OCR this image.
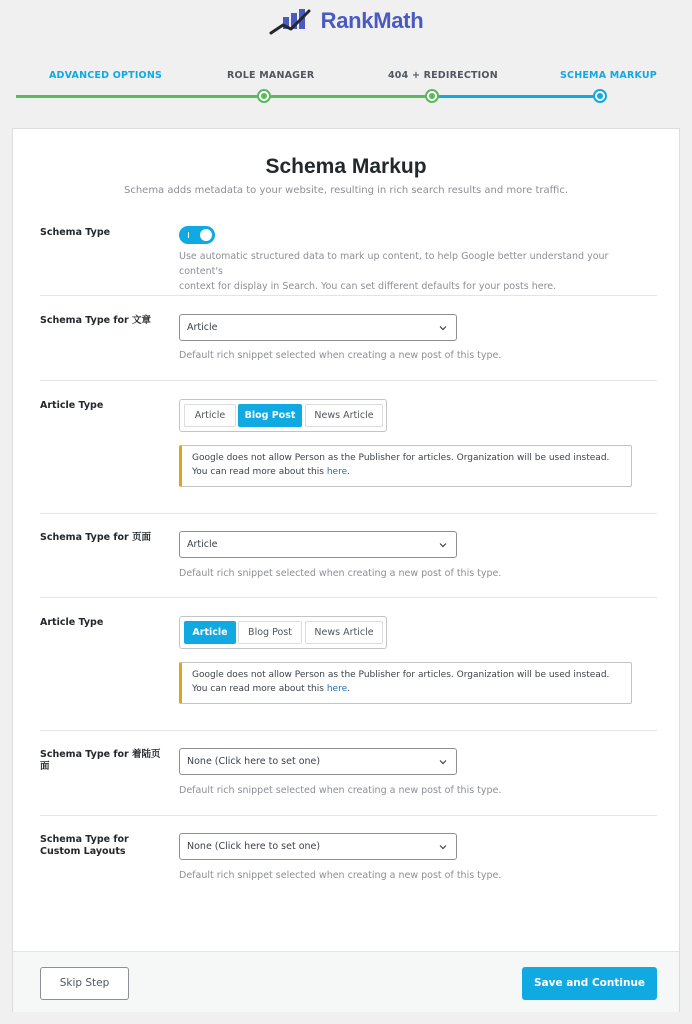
RankMath
ADVANCED OPTIONS	ROLE MANAGER	404 + REDIRECTION	SCHEMA MARKUP
Schema Markup
Schema adds metadata to your website, resulting in rich search results and more traffic.
Schema Type
Use automatic structured data to mark up content, to help Google better understand your content's
context for display in Search. You can set different defaults for your posts here.
Schema Type for 文章
Article
Default rich snippet selected when creating a new post of this type.
Article Type
Article	Blog Post	News Article
Google does not allow Person as the Publisher for articles. Organization will be used instead. You can read more about this here.
Schema Type for 页面
Article
Default rich snippet selected when creating a new post of this type.
Article Type
Article	Blog Post	News Article
Google does not allow Person as the Publisher for articles. Organization will be used instead. You can read more about this here.
Schema Type for 着陆页面	None (Click here to set one)
Default rich snippet selected when creating a new post of this type.
Schema Type for Custom Layouts	None (Click here to set one)
Default rich snippet selected when creating a new post of this type.
Skip Step	Save and Continue
